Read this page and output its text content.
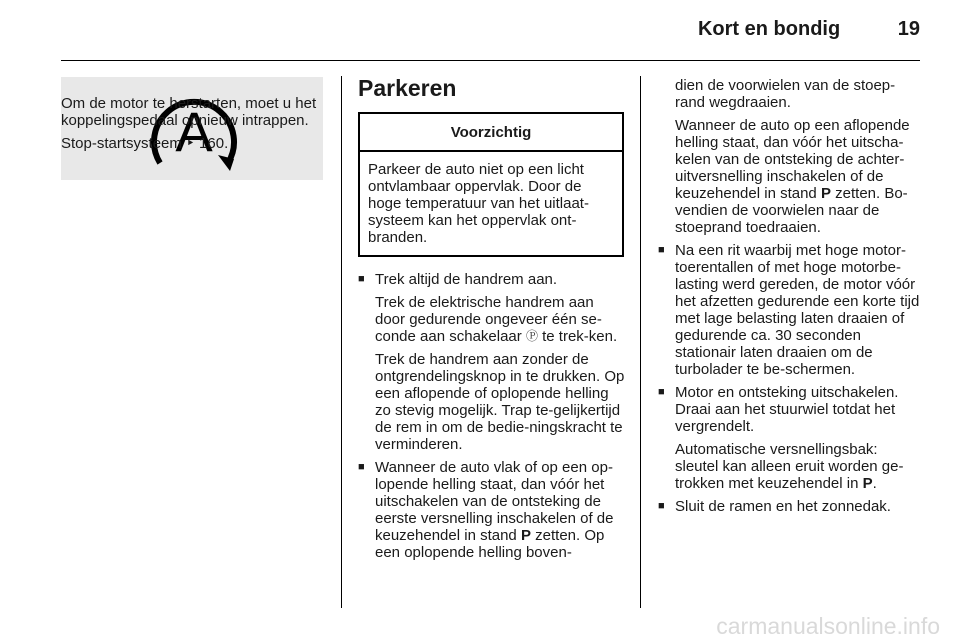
Kort en bondig	19
A

Om de motor te herstarten, moet u het koppelingspedaal opnieuw intrappen.

Stop-startsysteem ‣ 160.

Parkeren
Voorzichtig
Parkeer de auto niet op een licht ontvlambaar oppervlak. Door de hoge temperatuur van het uitlaat-systeem kan het oppervlak ont-branden.

■ Trek altijd de handrem aan.

Trek de elektrische handrem aan door gedurende ongeveer één se-conde aan schakelaar Ⓟ te trek-ken.

Trek de handrem aan zonder de ontgrendelingsknop in te drukken. Op een aflopende of oplopende helling zo stevig mogelijk. Trap te-gelijkertijd de rem in om de bedie-ningskracht te verminderen.

■ Wanneer de auto vlak of op een op-lopende helling staat, dan vóór het uitschakelen van de ontsteking de eerste versnelling inschakelen of de keuzehendel in stand P zetten. Op een oplopende helling boven-

dien de voorwielen van de stoep-rand wegdraaien.

Wanneer de auto op een aflopende helling staat, dan vóór het uitscha-kelen van de ontsteking de achter-uitversnelling inschakelen of de keuzehendel in stand P zetten. Bo-vendien de voorwielen naar de stoeprand toedraaien.

■ Na een rit waarbij met hoge motor-toerentallen of met hoge motorbe-lasting werd gereden, de motor vóór het afzetten gedurende een korte tijd met lage belasting laten draaien of gedurende ca. 30 seconden stationair laten draaien om de turbolader te be-schermen.

■ Motor en ontsteking uitschakelen. Draai aan het stuurwiel totdat het vergrendelt.

Automatische versnellingsbak: sleutel kan alleen eruit worden ge-trokken met keuzehendel in P.

■ Sluit de ramen en het zonnedak.
carmanualsonline.info
